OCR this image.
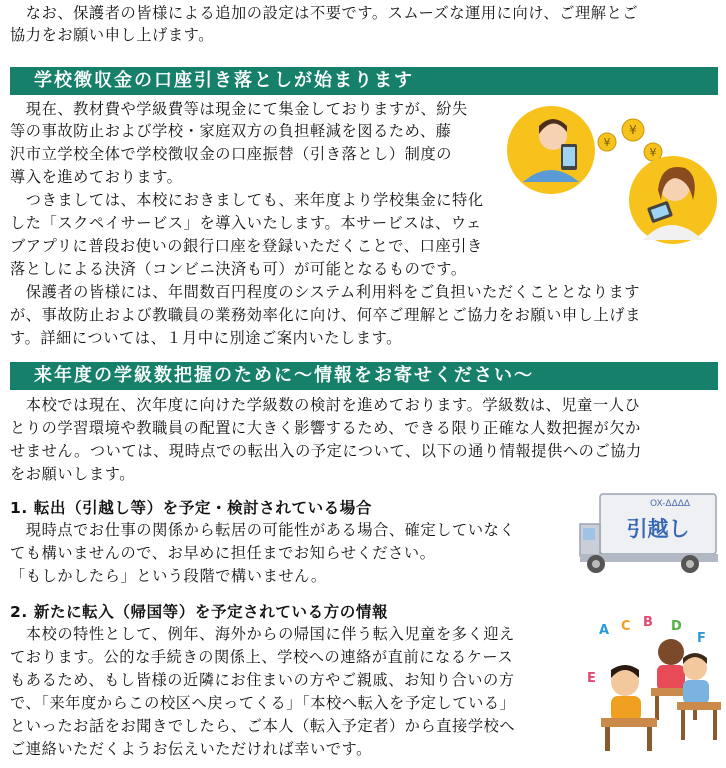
　なお、保護者の皆様による追加の設定は不要です。スムーズな運用に向け、ご理解とご
協力をお願い申し上げます。
学校徴収金の口座引き落としが始まります
　現在、教材費や学級費等は現金にて集金しておりますが、紛失
等の事故防止および学校・家庭双方の負担軽減を図るため、藤
沢市立学校全体で学校徴収金の口座振替（引き落とし）制度の
導入を進めております。
　つきましては、本校におきましても、来年度より学校集金に特化
した「スクペイサービス」を導入いたします。本サービスは、ウェ
ブアプリに普段お使いの銀行口座を登録いただくことで、口座引き
落としによる決済（コンビニ決済も可）が可能となるものです。
　保護者の皆様には、年間数百円程度のシステム利用料をご負担いただくこととなります
が、事故防止および教職員の業務効率化に向け、何卒ご理解とご協力をお願い申し上げま
す。詳細については、１月中に別途ご案内いたします。
¥
¥
¥
来年度の学級数把握のために～情報をお寄せください～
　本校では現在、次年度に向けた学級数の検討を進めております。学級数は、児童一人ひ
とりの学習環境や教職員の配置に大きく影響するため、できる限り正確な人数把握が欠か
せません。ついては、現時点での転出入の予定について、以下の通り情報提供へのご協力
をお願いします。
1. 転出（引越し等）を予定・検討されている場合
　現時点でお仕事の関係から転居の可能性がある場合、確定していなく
ても構いませんので、お早めに担任までお知らせください。
「もしかしたら」という段階で構いません。
OX-ΔΔΔΔ
引越し
2. 新たに転入（帰国等）を予定されている方の情報
　本校の特性として、例年、海外からの帰国に伴う転入児童を多く迎え
ております。公的な手続きの関係上、学校への連絡が直前になるケース
もあるため、もし皆様の近隣にお住まいの方やご親戚、お知り合いの方
で、「来年度からこの校区へ戻ってくる」「本校へ転入を予定している」
といったお話をお聞きでしたら、ご本人（転入予定者）から直接学校へ
ご連絡いただくようお伝えいただければ幸いです。
A
B
C	D
E
F
